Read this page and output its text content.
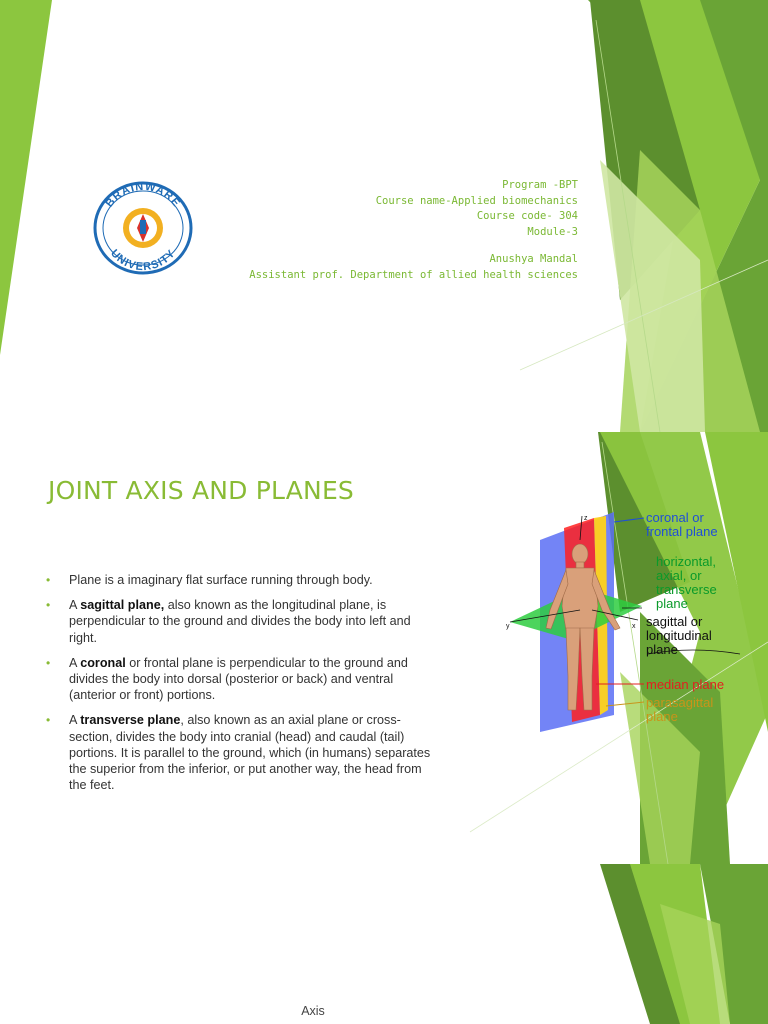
BRAINWARE
UNIVERSITY
Program -BPT
Course name-Applied biomechanics
Course code- 304
Module-3
Anushya Mandal
Assistant prof. Department of allied health sciences
JOINT AXIS AND PLANES
• Plane is a imaginary flat surface running through body.
• A sagittal plane, also known as the longitudinal plane, is perpendicular to the ground and divides the body into left and right.
• A coronal or frontal plane is perpendicular to the ground and divides the body into dorsal (posterior or back) and ventral (anterior or front) portions.
• A transverse plane, also known as an axial plane or cross-section, divides the body into cranial (head) and caudal (tail) portions. It is parallel to the ground, which (in humans) separates the superior from the inferior, or put another way, the head from the feet.
z
y	x
coronal or frontal plane
horizontal, axial, or transverse plane
sagittal or longitudinal plane
median plane
parasagittal plane
Axis
